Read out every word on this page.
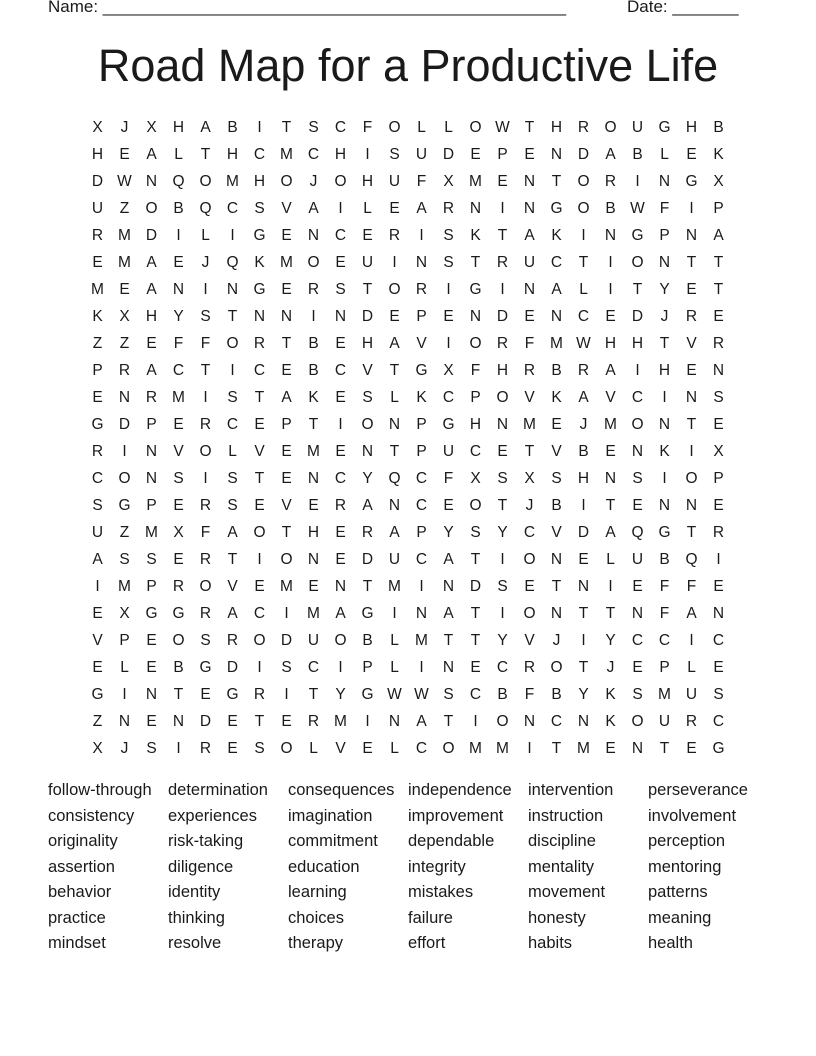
Name: _________________________________________________	Date: _______
Road Map for a Productive Life
X	J	X	H	A	B	I	T	S	C	F	O	L	L	O W T	H	R O U G H	B
H	E	A	L	T	H	C M C	H	I	S	U	D	E	P	E	N	D	A	B	L	E	K
D W N Q O M H O	J	O H	U	F	X M E	N	T	O R	I	N G	X
U	Z	O	B	Q C	S	V	A	I	L	E	A	R	N	I	N G O	B W F	I	P
R M D	I	L	I	G	E	N	C	E	R	I	S	K	T	A	K	I	N G	P	N	A
E M A	E	J	Q	K M O	E	U	I	N	S	T	R	U	C	T	I	O N	T	T
M E	A	N	I	N G	E	R	S	T	O R	I	G	I	N	A	L	I	T	Y	E	T
K	X	H	Y	S	T	N	N	I	N	D	E	P	E	N	D	E	N	C	E	D	J	R	E
Z	Z	E	F	F	O R	T	B	E	H	A	V	I	O R	F	M W H	H	T	V	R
P	R	A	C	T	I	C	E	B	C	V	T	G	X	F	H	R	B	R	A	I	H	E	N
E	N	R M	I	S	T	A	K	E	S	L	K	C	P	O	V	K	A	V	C	I	N	S
G D	P	E	R	C	E	P	T	I	O N	P	G H	N M E	J	M O N	T	E
R	I	N	V	O	L	V	E M E	N	T	P	U	C	E	T	V	B	E	N	K	I	X
C O N	S	I	S	T	E	N	C	Y	Q C	F	X	S	X	S	H	N	S	I	O	P
S	G	P	E	R	S	E	V	E	R	A	N	C	E	O	T	J	B	I	T	E	N	N	E
U	Z	M X	F	A	O	T	H	E	R	A	P	Y	S	Y	C	V	D	A	Q G	T	R
A	S	S	E	R	T	I	O N	E	D	U	C	A	T	I	O N	E	L	U	B	Q	I
I	M P	R O	V	E M E	N	T	M	I	N	D	S	E	T	N	I	E	F	F	E
E	X	G G R	A	C	I	M A	G	I	N	A	T	I	O N	T	T	N	F	A	N
V	P	E	O	S	R O D	U O	B	L	M	T	T	Y	V	J	I	Y	C	C	I	C
E	L	E	B	G D	I	S	C	I	P	L	I	N	E	C	R O	T	J	E	P	L	E
G	I	N	T	E	G R	I	T	Y	G W W S	C	B	F	B	Y	K	S M U	S
Z	N	E	N	D	E	T	E	R M	I	N	A	T	I	O N	C	N	K	O U	R	C
X	J	S	I	R	E	S	O	L	V	E	L	C O M M	I	T	M E	N	T	E	G
follow-through determination	consequences independence intervention	perseverance
consistency	experiences	imagination	improvement	instruction	involvement
originality	risk-taking	commitment	dependable	discipline	perception
assertion	diligence	education	integrity	mentality	mentoring
behavior	identity	learning	mistakes	movement	patterns
practice	thinking	choices	failure	honesty	meaning
mindset	resolve	therapy	effort	habits	health
